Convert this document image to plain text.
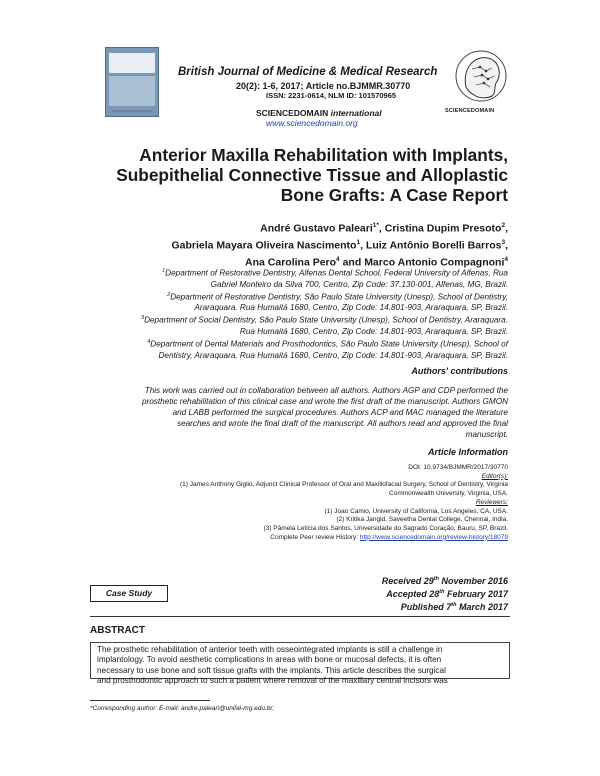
British Journal of Medicine & Medical Research
20(2): 1-6, 2017; Article no.BJMMR.30770
ISSN: 2231-0614, NLM ID: 101570965
SCIENCEDOMAIN international
www.sciencedomain.org
SCIENCEDOMAIN
Anterior Maxilla Rehabilitation with Implants,
Subepithelial Connective Tissue and Alloplastic
Bone Grafts: A Case Report
André Gustavo Paleari$^{1*}$, Cristina Dupim Presoto$^2$,
Gabriela Mayara Oliveira Nascimento$^1$, Luiz Antônio Borelli Barros$^3$,
Ana Carolina Pero$^4$ and Marco Antonio Compagnoni$^4$
$^1$Department of Restorative Dentistry, Alfenas Dental School, Federal University of Alfenas, Rua
Gabriel Monteiro da Silva 700, Centro, Zip Code: 37.130-001, Alfenas, MG, Brazil.
$^2$Department of Restorative Dentistry, São Paulo State University (Unesp), School of Dentistry,
Araraquara. Rua Humaitá 1680, Centro, Zip Code: 14.801-903, Araraquara, SP, Brazil.
$^3$Department of Social Dentistry, São Paulo State University (Unesp), School of Dentistry, Araraquara.
Rua Humaitá 1680, Centro, Zip Code: 14.801-903, Araraquara, SP, Brazil.
$^4$Department of Dental Materials and Prosthodontics, São Paulo State University (Unesp), School of
Dentistry, Araraquara, Rua Humaitá 1680, Centro, Zip Code: 14.801-903, Araraquara, SP, Brazil.
Authors' contributions
This work was carried out in collaboration between all authors. Authors AGP and CDP performed the
prosthetic rehabilitation of this clinical case and wrote the first draft of the manuscript. Authors GMON
and LABB performed the surgical procedures. Authors ACP and MAC managed the literature
searches and wrote the final draft of the manuscript. All authors read and approved the final
manuscript.
Article Information
DOI: 10.9734/BJMMR/2017/30770
Editor(s):
(1) James Anthony Giglio, Adjunct Clinical Professor of Oral and Maxillofacial Surgery, School of Dentistry, Virginia
Commonwealth University, Virginia, USA.
Reviewers:
(1) Joao Camio, University of California, Los Angeles, CA, USA.
(2) Kritika Jangid, Saveetha Dental College, Chennai, India.
(3) Pâmela Letícia dos Santos, Universidade do Sagrado Coração, Bauru, SP, Brazil.
Complete Peer review History: http://www.sciencedomain.org/review-history/18079
Case Study
Received 29th November 2016
Accepted 28th February 2017
Published 7th March 2017
ABSTRACT
The prosthetic rehabilitation of anterior teeth with osseointegrated implants is still a challenge in
implantology. To avoid aesthetic complications in areas with bone or mucosal defects, it is often
necessary to use bone and soft tissue grafts with the implants. This article describes the surgical
and prosthodontic approach to such a patient where removal of the maxillary central incisors was
*Corresponding author: E-mail: andre.paleari@unifal-mg.edu.br;
